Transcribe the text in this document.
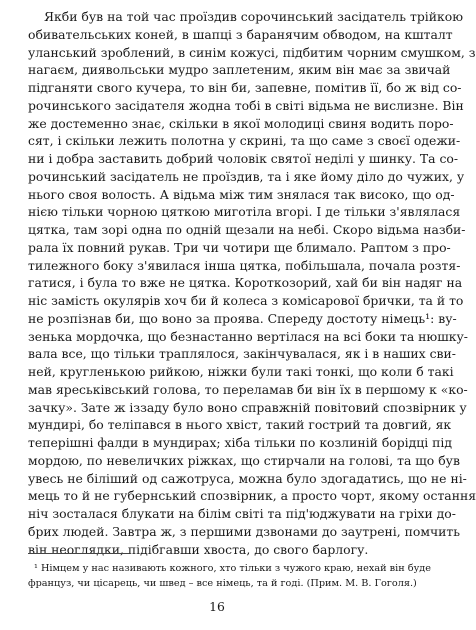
Якби був на той час проїздив сорочинський засідатель трійкою
обивательських коней, в шапці з баранячим обводом, на кшталт
уланський зроблений, в синім кожусі, підбитим чорним смушком, з
нагаєм, диявольськи мудро заплетеним, яким він має за звичай
підганяти свого кучера, то він би, запевне, помітив її, бо ж від со-
рочинського засідателя жодна тобі в світі відьма не вислизне. Він
же достеменно знає, скільки в якої молодиці свиня водить поро-
сят, і скільки лежить полотна у скрині, та що саме з своєї одежи-
ни і добра заставить добрий чоловік святої неділі у шинку. Та со-
рочинський засідатель не проїздив, та і яке йому діло до чужих, у
нього своя волость. А відьма між тим знялася так високо, що од-
нією тільки чорною цяткою миготіла вгорі. І де тільки з'являлася
цятка, там зорі одна по одній щезали на небі. Скоро відьма назби-
рала їх повний рукав. Три чи чотири ще блимало. Раптом з про-
тилежного боку з'явилася інша цятка, побільшала, почала розтя-
гатися, і була то вже не цятка. Короткозорий, хай би він надяг на
ніс замість окулярів хоч би й колеса з комісарової брички, та й то
не розпізнав би, що воно за проява. Спереду достоту німець¹: ву-
зенька мордочка, що безнастанно вертілася на всі боки та нюшку-
вала все, що тільки траплялося, закінчувалася, як і в наших сви-
ней, кругленькою рийкою, ніжки були такі тонкі, що коли б такі
мав яреськівський голова, то переламав би він їх в першому к «ко-
зачку». Зате ж іззаду було воно справжній повітовий спозвірник у
мундирі, бо теліпався в нього хвіст, такий гострий та довгий, як
теперішні фалди в мундирах; хіба тільки по козлиній борідці під
мордою, по невеличких ріжках, що стирчали на голові, та що був
увесь не біліший од сажотруса, можна було здогадатись, що не ні-
мець то й не губернський спозвірник, а просто чорт, якому остання
ніч зосталася блукати на білім світі та під'юджувати на гріхи до-
брих людей. Завтра ж, з першими дзвонами до заутрені, помчить
він неоглядки, підібгавши хвоста, до свого барлогу.
¹ Німцем у нас називають кожного, хто тільки з чужого краю, нехай він буде
француз, чи цісарець, чи швед – все німець, та й годі. (Прим. М. В. Гоголя.)
16
